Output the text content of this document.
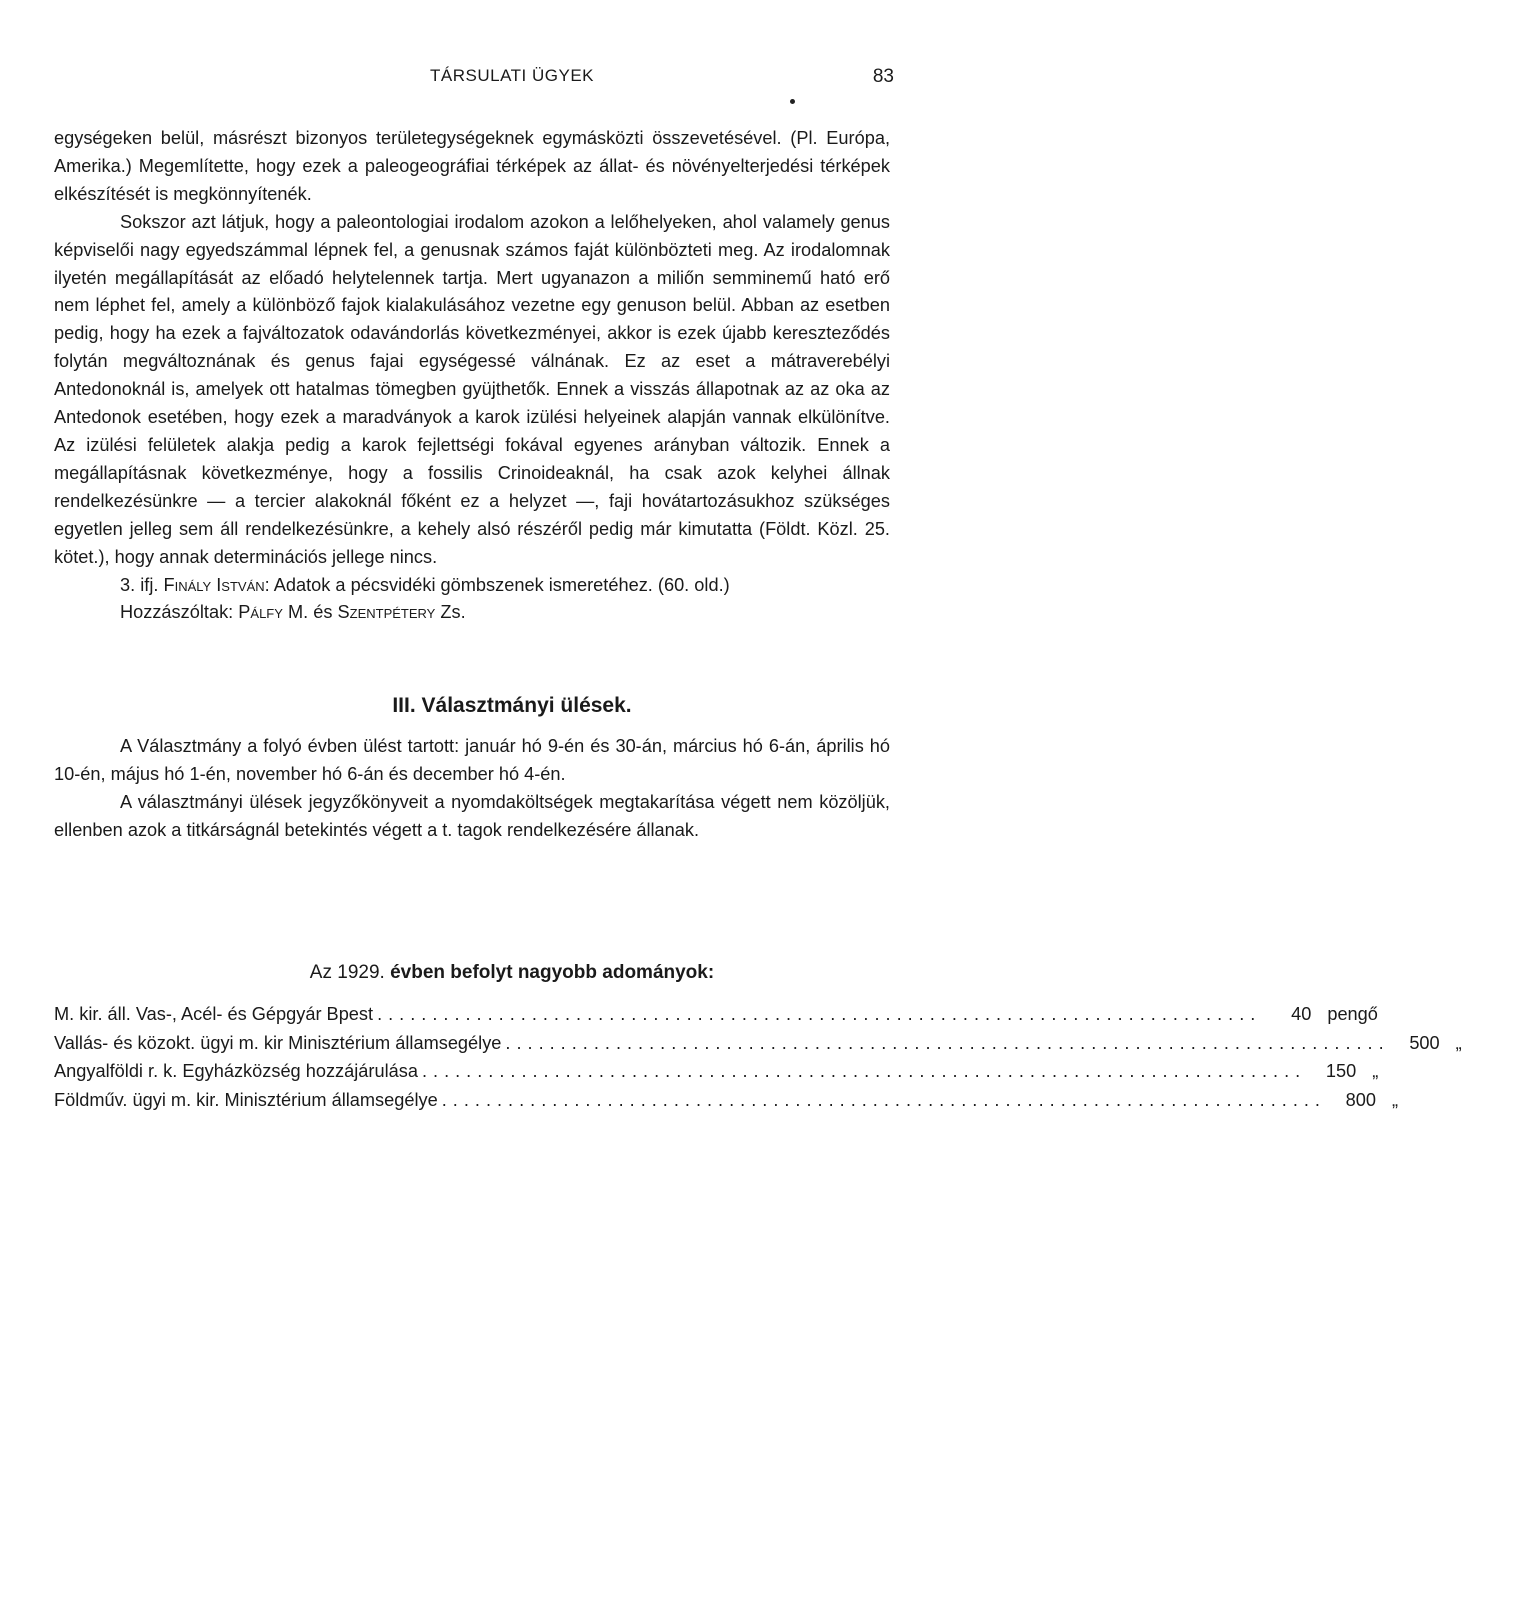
TÁRSULATI ÜGYEK	83

egységeken belül, másrészt bizonyos területegységeknek egymásközti összevetésével. (Pl. Európa, Amerika.) Megemlítette, hogy ezek a paleogeográfiai térképek az állat- és növényelterjedési térképek elkészítését is megkönnyítenék.

Sokszor azt látjuk, hogy a paleontologiai irodalom azokon a lelőhelyeken, ahol valamely genus képviselői nagy egyedszámmal lépnek fel, a genusnak számos faját különbözteti meg. Az irodalomnak ilyetén megállapítását az előadó helytelennek tartja. Mert ugyanazon a miliőn semminemű ható erő nem léphet fel, amely a különböző fajok kialakulásához vezetne egy genuson belül. Abban az esetben pedig, hogy ha ezek a fajváltozatok odavándorlás következményei, akkor is ezek újabb kereszteződés folytán megváltoznának és genus fajai egységessé válnának. Ez az eset a mátraverebélyi Antedonoknál is, amelyek ott hatalmas tömegben gyüjthetők. Ennek a visszás állapotnak az az oka az Antedonok esetében, hogy ezek a maradványok a karok izülési helyeinek alapján vannak elkülönítve. Az izülési felületek alakja pedig a karok fejlettségi fokával egyenes arányban változik. Ennek a megállapításnak következménye, hogy a fossilis Crinoideaknál, ha csak azok kelyhei állnak rendelkezésünkre — a tercier alakoknál főként ez a helyzet —, faji hovátartozásukhoz szükséges egyetlen jelleg sem áll rendelkezésünkre, a kehely alsó részéről pedig már kimutatta (Földt. Közl. 25. kötet.), hogy annak determinációs jellege nincs.

3. ifj. Finály István: Adatok a pécsvidéki gömbszenek ismeretéhez. (60. old.)

Hozzászóltak: Pálfy M. és Szentpétery Zs.

III. Választmányi ülések.

A Választmány a folyó évben ülést tartott: január hó 9-én és 30-án, március hó 6-án, április hó 10-én, május hó 1-én, november hó 6-án és december hó 4-én.

A választmányi ülések jegyzőkönyveit a nyomdaköltségek megtakarítása végett nem közöljük, ellenben azok a titkárságnál betekintés végett a t. tagok rendelkezésére állanak.

Az 1929. évben befolyt nagyobb adományok:
M. kir. áll. Vas-, Acél- és Gépgyár Bpest ................................................................................	40 pengő
Vallás- és közokt. ügyi m. kir Minisztérium államsegélye ................................................................................	500 „
Angyalföldi r. k. Egyházközség hozzájárulása ................................................................................	150 „
Földműv. ügyi m. kir. Minisztérium államsegélye ................................................................................	800 „
